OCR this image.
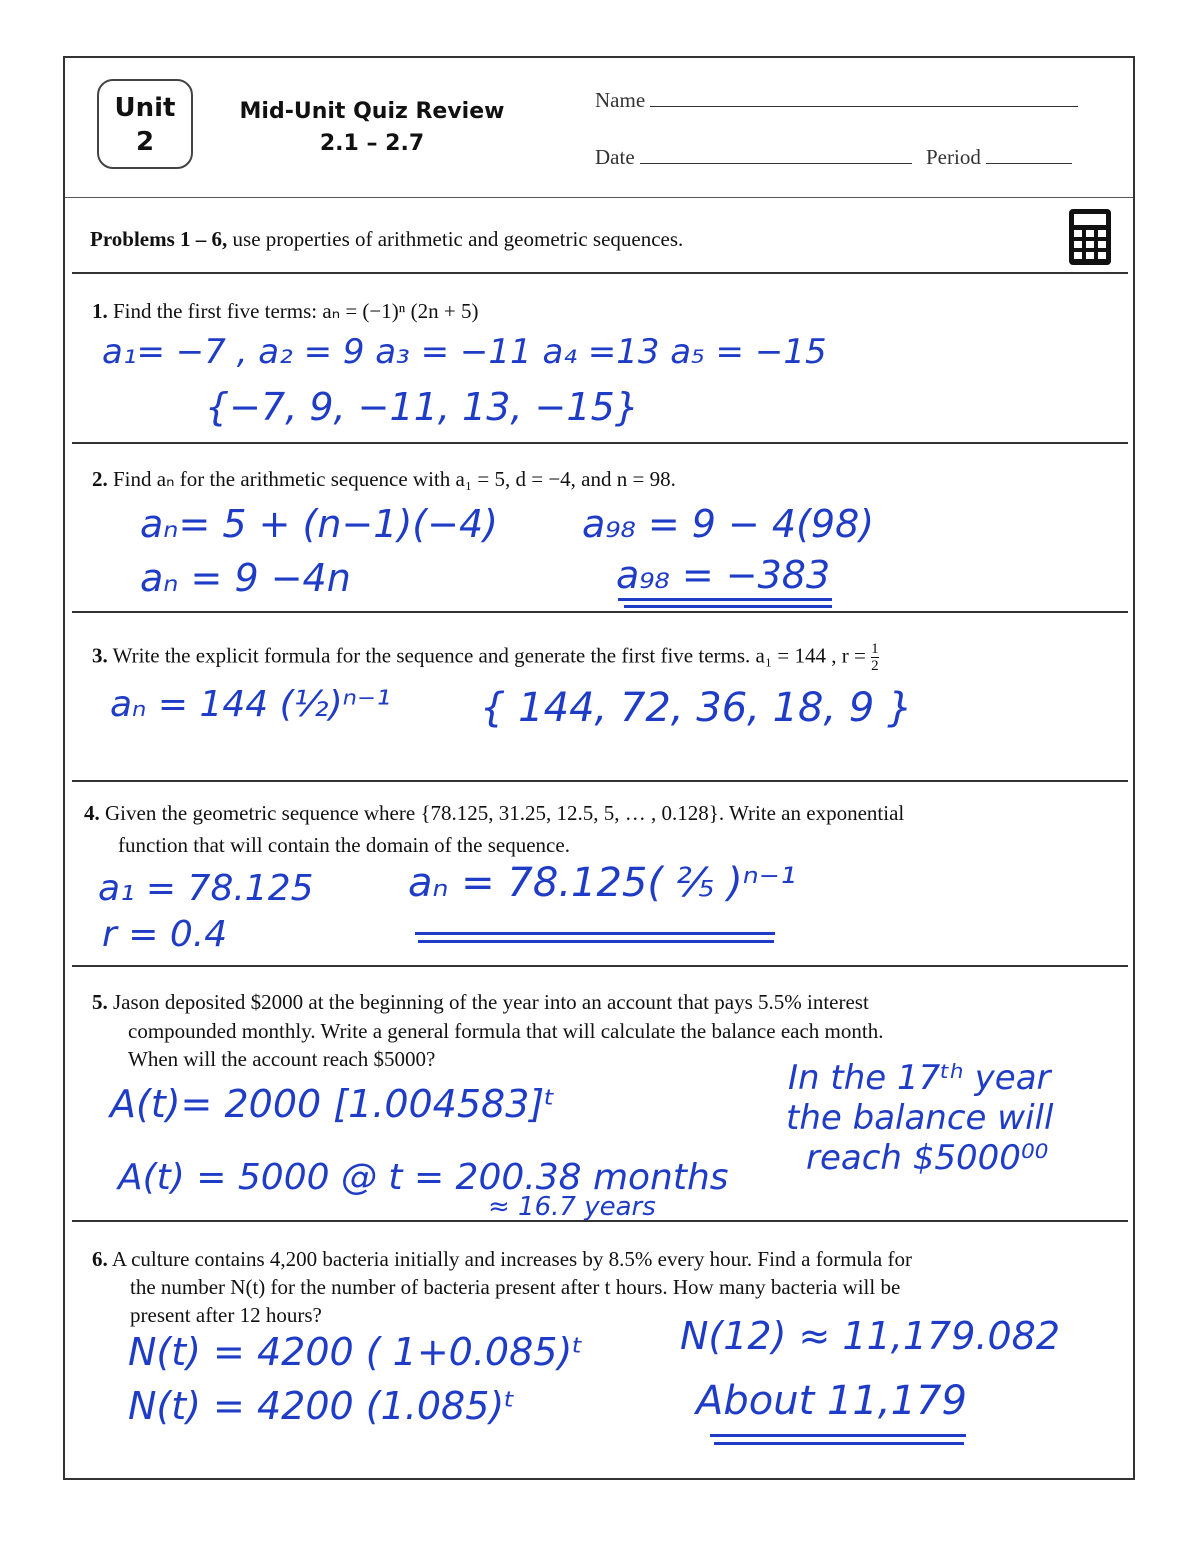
Unit
2
Mid-Unit Quiz Review
2.1 – 2.7
Name
Date	Period
Problems 1 – 6, use properties of arithmetic and geometric sequences.
1. Find the first five terms: aₙ = (−1)ⁿ (2n + 5)
a₁= −7 , a₂ = 9 a₃ = −11 a₄ =13 a₅ = −15
{−7, 9, −11, 13, −15}
2. Find aₙ for the arithmetic sequence with a₁ = 5, d = −4, and n = 98.
aₙ= 5 + (n−1)(−4)
aₙ = 9 −4n
a₉₈ = 9 − 4(98)
a₉₈ = −383
3. Write the explicit formula for the sequence and generate the first five terms. a₁ = 144 , $r = \frac{1}{2}$
aₙ = 144 (½)ⁿ⁻¹ { 144, 72, 36, 18, 9 }
4. Given the geometric sequence where {78.125, 31.25, 12.5, 5, … , 0.128}. Write an exponential
function that will contain the domain of the sequence.
a₁ = 78.125
r = 0.4
aₙ = 78.125( ⅖ )ⁿ⁻¹
5. Jason deposited $2000 at the beginning of the year into an account that pays 5.5% interest
compounded monthly. Write a general formula that will calculate the balance each month.
When will the account reach $5000?
A(t)= 2000 [1.004583]ᵗ
A(t) = 5000 @ t = 200.38 months
≈ 16.7 years
In the 17ᵗʰ year
the balance will
reach $5000⁰⁰
6. A culture contains 4,200 bacteria initially and increases by 8.5% every hour. Find a formula for
the number N(t) for the number of bacteria present after t hours. How many bacteria will be
present after 12 hours?
N(t) = 4200 ( 1+0.085)ᵗ
N(t) = 4200 (1.085)ᵗ
N(12) ≈ 11,179.082
About 11,179
